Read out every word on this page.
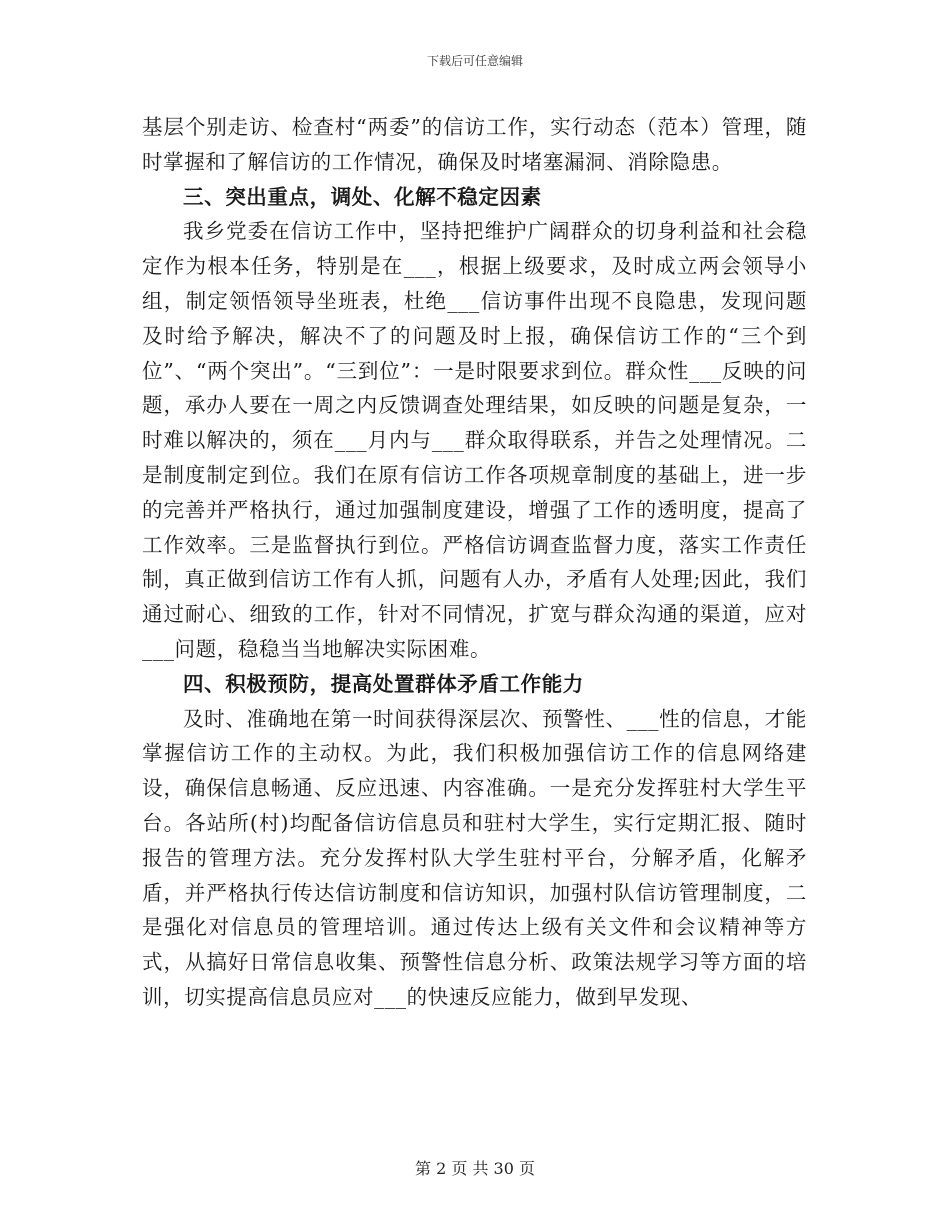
下载后可任意编辑

基层个别走访、检查村“两委”的信访工作，实行动态（范本）管理，随时掌握和了解信访的工作情况，确保及时堵塞漏洞、消除隐患。

三、突出重点，调处、化解不稳定因素

我乡党委在信访工作中，坚持把维护广阔群众的切身利益和社会稳定作为根本任务，特别是在___，根据上级要求，及时成立两会领导小组，制定领悟领导坐班表，杜绝___信访事件出现不良隐患，发现问题及时给予解决，解决不了的问题及时上报，确保信访工作的“三个到位”、“两个突出”。“三到位”：一是时限要求到位。群众性___反映的问题，承办人要在一周之内反馈调查处理结果，如反映的问题是复杂，一时难以解决的，须在___月内与___群众取得联系，并告之处理情况。二是制度制定到位。我们在原有信访工作各项规章制度的基础上，进一步的完善并严格执行，通过加强制度建设，增强了工作的透明度，提高了工作效率。三是监督执行到位。严格信访调查监督力度，落实工作责任制，真正做到信访工作有人抓，问题有人办，矛盾有人处理;因此，我们通过耐心、细致的工作，针对不同情况，扩宽与群众沟通的渠道，应对___问题，稳稳当当地解决实际困难。

四、积极预防，提高处置群体矛盾工作能力

及时、准确地在第一时间获得深层次、预警性、___性的信息，才能掌握信访工作的主动权。为此，我们积极加强信访工作的信息网络建设，确保信息畅通、反应迅速、内容准确。一是充分发挥驻村大学生平台。各站所(村)均配备信访信息员和驻村大学生，实行定期汇报、随时报告的管理方法。充分发挥村队大学生驻村平台，分解矛盾，化解矛盾，并严格执行传达信访制度和信访知识，加强村队信访管理制度，二是强化对信息员的管理培训。通过传达上级有关文件和会议精神等方式，从搞好日常信息收集、预警性信息分析、政策法规学习等方面的培训，切实提高信息员应对___的快速反应能力，做到早发现、

第 2 页 共 30 页
